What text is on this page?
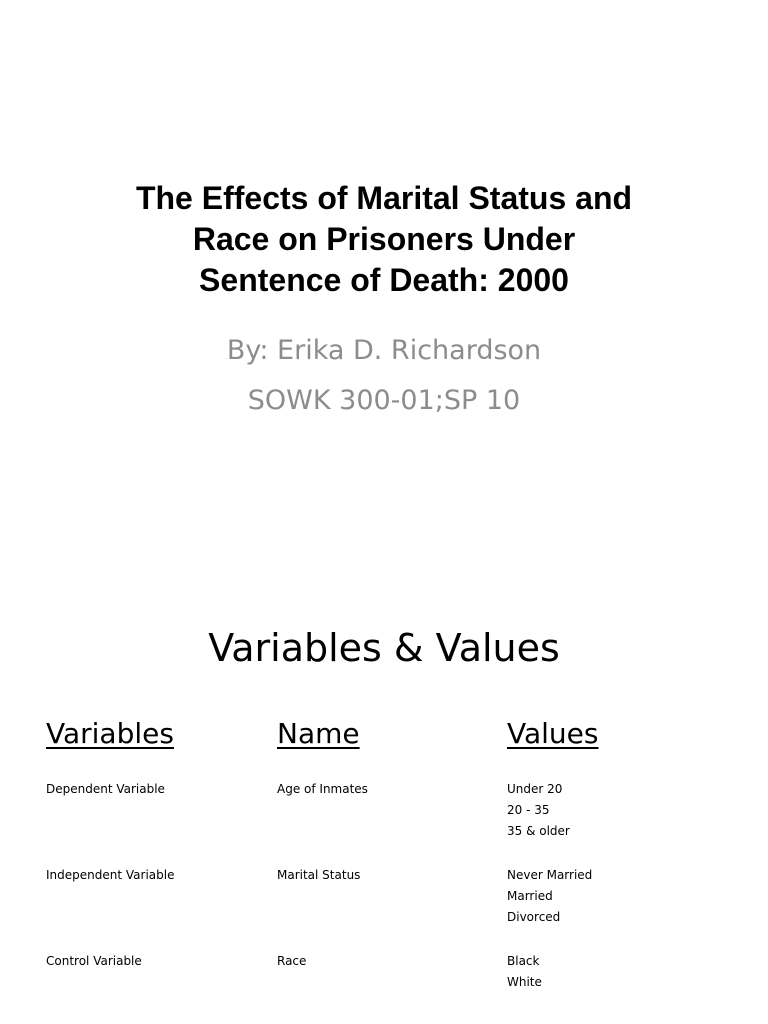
The Effects of Marital Status and
Race on Prisoners Under
Sentence of Death: 2000
By: Erika D. Richardson
SOWK 300-01;SP 10
Variables & Values
Variables	Name	Values
Dependent Variable	Age of Inmates	Under 20
20 - 35
35 & older
Independent Variable	Marital Status	Never Married
Married
Divorced
Control Variable	Race	Black
White
